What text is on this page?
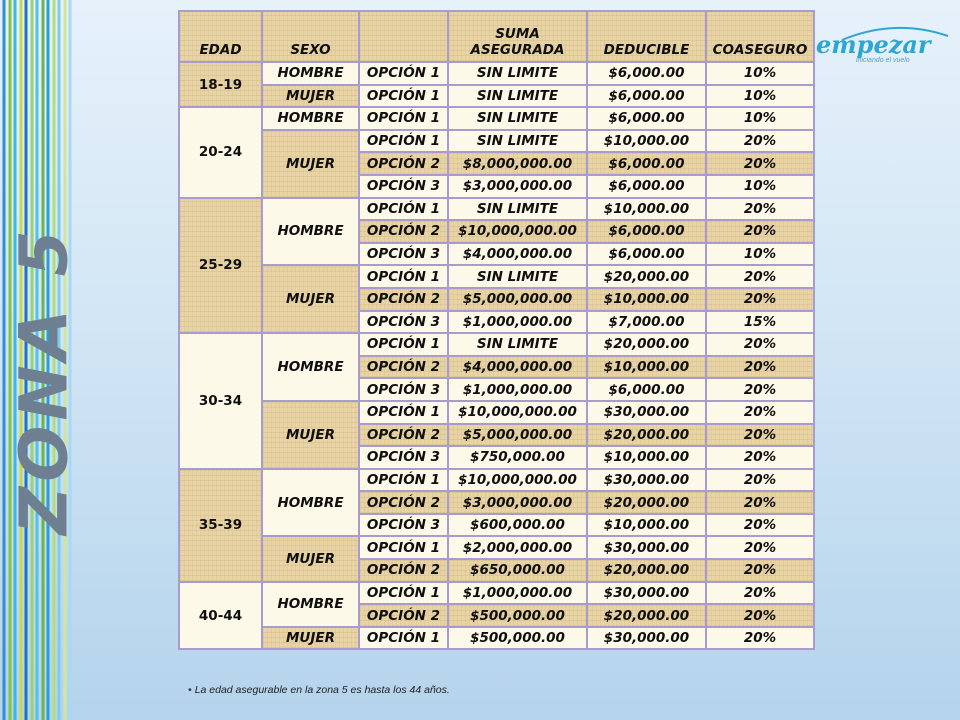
ZONA 5
empezar
iniciando el vuelo
EDAD	SEXO		SUMA ASEGURADA	DEDUCIBLE	COASEGURO
18-19	HOMBRE	OPCIÓN 1	SIN LIMITE	$6,000.00	10%
	MUJER	OPCIÓN 1	SIN LIMITE	$6,000.00	10%
20-24	HOMBRE	OPCIÓN 1	SIN LIMITE	$6,000.00	10%
	MUJER	OPCIÓN 1	SIN LIMITE	$10,000.00	20%
		OPCIÓN 2	$8,000,000.00	$6,000.00	20%
		OPCIÓN 3	$3,000,000.00	$6,000.00	10%
25-29	HOMBRE	OPCIÓN 1	SIN LIMITE	$10,000.00	20%
		OPCIÓN 2	$10,000,000.00	$6,000.00	20%
		OPCIÓN 3	$4,000,000.00	$6,000.00	10%
	MUJER	OPCIÓN 1	SIN LIMITE	$20,000.00	20%
		OPCIÓN 2	$5,000,000.00	$10,000.00	20%
		OPCIÓN 3	$1,000,000.00	$7,000.00	15%
30-34	HOMBRE	OPCIÓN 1	SIN LIMITE	$20,000.00	20%
		OPCIÓN 2	$4,000,000.00	$10,000.00	20%
		OPCIÓN 3	$1,000,000.00	$6,000.00	20%
	MUJER	OPCIÓN 1	$10,000,000.00	$30,000.00	20%
		OPCIÓN 2	$5,000,000.00	$20,000.00	20%
		OPCIÓN 3	$750,000.00	$10,000.00	20%
35-39	HOMBRE	OPCIÓN 1	$10,000,000.00	$30,000.00	20%
		OPCIÓN 2	$3,000,000.00	$20,000.00	20%
		OPCIÓN 3	$600,000.00	$10,000.00	20%
	MUJER	OPCIÓN 1	$2,000,000.00	$30,000.00	20%
		OPCIÓN 2	$650,000.00	$20,000.00	20%
40-44	HOMBRE	OPCIÓN 1	$1,000,000.00	$30,000.00	20%
		OPCIÓN 2	$500,000.00	$20,000.00	20%
	MUJER	OPCIÓN 1	$500,000.00	$30,000.00	20%
• La edad asegurable en la zona 5 es hasta los 44 años.
